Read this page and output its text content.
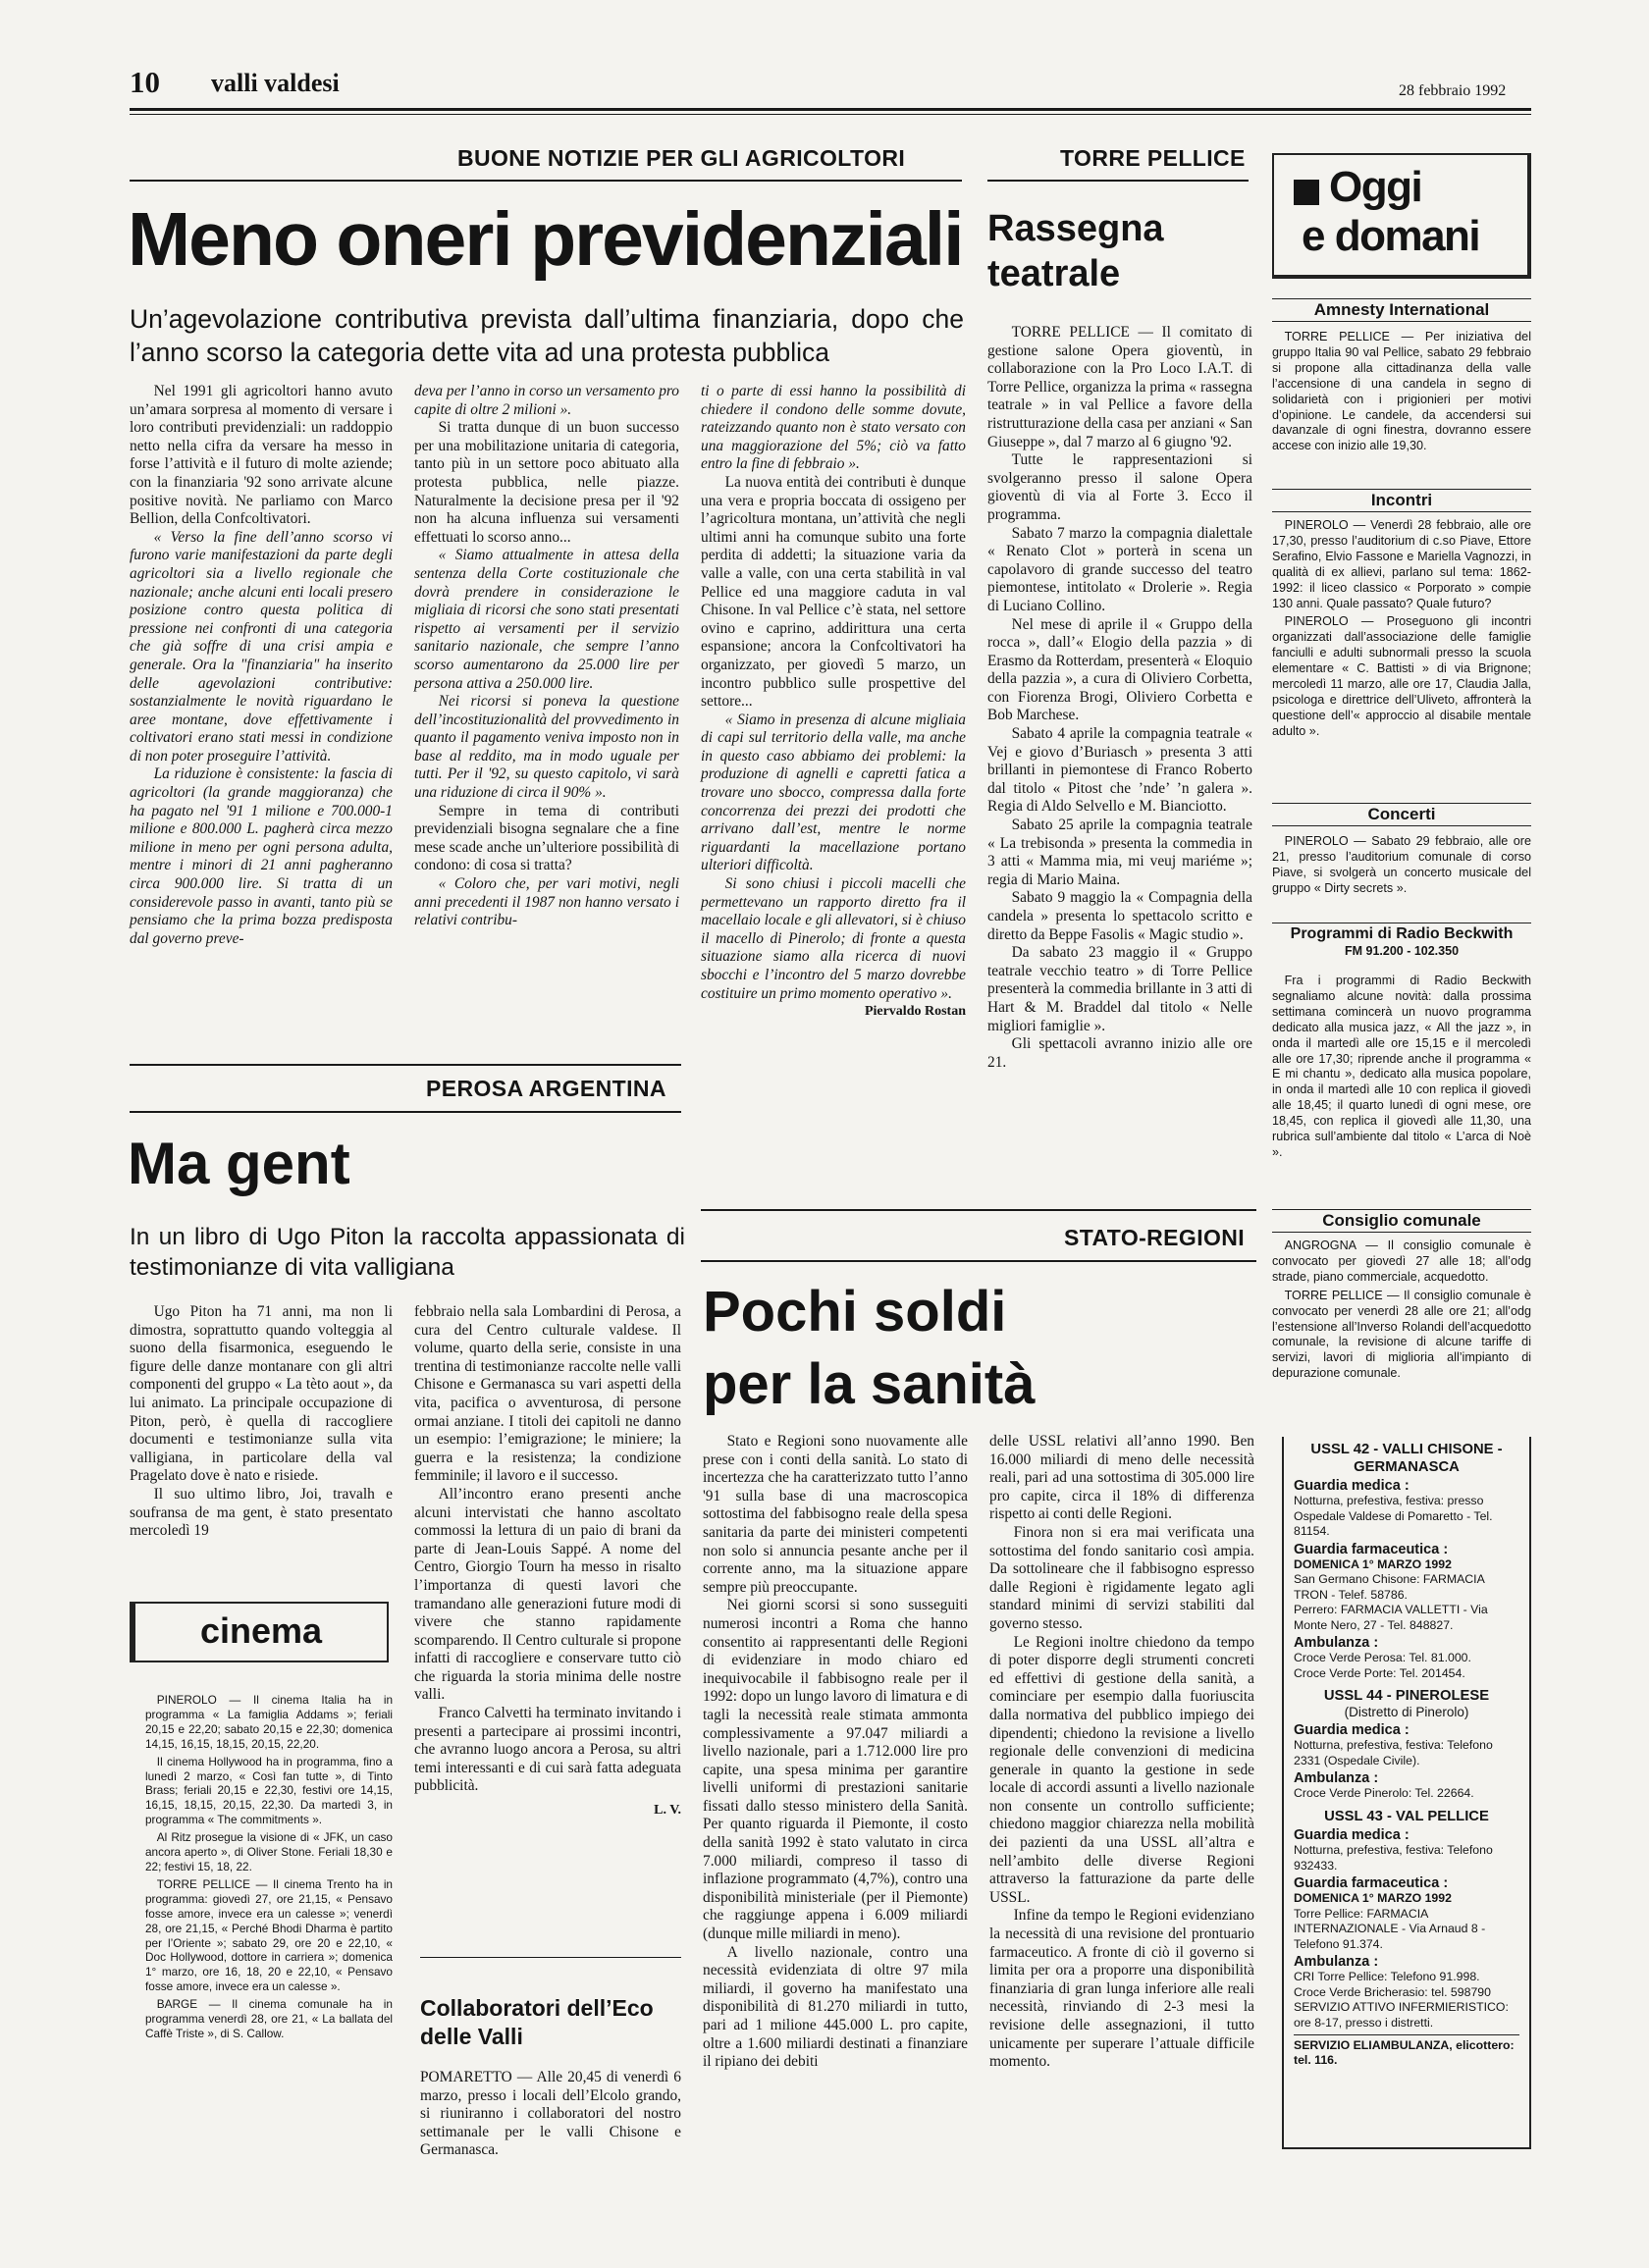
10 valli valdesi	28 febbraio 1992
BUONE NOTIZIE PER GLI AGRICOLTORI
Meno oneri previdenziali
Un’agevolazione contributiva prevista dall’ultima finanziaria, dopo che l’anno scorso la categoria dette vita ad una protesta pubblica

Nel 1991 gli agricoltori hanno avuto un’amara sorpresa al momento di versare i loro contributi previdenziali: un raddoppio netto nella cifra da versare ha messo in forse l’attività e il futuro di molte aziende; con la finanziaria '92 sono arrivate alcune positive novità. Ne parliamo con Marco Bellion, della Confcoltivatori.

« Verso la fine dell’anno scorso vi furono varie manifestazioni da parte degli agricoltori sia a livello regionale che nazionale; anche alcuni enti locali presero posizione contro questa politica di pressione nei confronti di una categoria che già soffre di una crisi ampia e generale. Ora la "finanziaria" ha inserito delle agevolazioni contributive: sostanzialmente le novità riguardano le aree montane, dove effettivamente i coltivatori erano stati messi in condizione di non poter proseguire l’attività.

La riduzione è consistente: la fascia di agricoltori (la grande maggioranza) che ha pagato nel '91 1 milione e 700.000-1 milione e 800.000 L. pagherà circa mezzo milione in meno per ogni persona adulta, mentre i minori di 21 anni pagheranno circa 900.000 lire. Si tratta di un considerevole passo in avanti, tanto più se pensiamo che la prima bozza predisposta dal governo preve-

deva per l’anno in corso un versamento pro capite di oltre 2 milioni ».

Si tratta dunque di un buon successo per una mobilitazione unitaria di categoria, tanto più in un settore poco abituato alla protesta pubblica, nelle piazze. Naturalmente la decisione presa per il '92 non ha alcuna influenza sui versamenti effettuati lo scorso anno...

« Siamo attualmente in attesa della sentenza della Corte costituzionale che dovrà prendere in considerazione le migliaia di ricorsi che sono stati presentati rispetto ai versamenti per il servizio sanitario nazionale, che sempre l’anno scorso aumentarono da 25.000 lire per persona attiva a 250.000 lire.

Nei ricorsi si poneva la questione dell’incostituzionalità del provvedimento in quanto il pagamento veniva imposto non in base al reddito, ma in modo uguale per tutti. Per il '92, su questo capitolo, vi sarà una riduzione di circa il 90% ».

Sempre in tema di contributi previdenziali bisogna segnalare che a fine mese scade anche un’ulteriore possibilità di condono: di cosa si tratta?

« Coloro che, per vari motivi, negli anni precedenti il 1987 non hanno versato i relativi contribu-

ti o parte di essi hanno la possibilità di chiedere il condono delle somme dovute, rateizzando quanto non è stato versato con una maggiorazione del 5%; ciò va fatto entro la fine di febbraio ».

La nuova entità dei contributi è dunque una vera e propria boccata di ossigeno per l’agricoltura montana, un’attività che negli ultimi anni ha comunque subito una forte perdita di addetti; la situazione varia da valle a valle, con una certa stabilità in val Pellice ed una maggiore caduta in val Chisone. In val Pellice c’è stata, nel settore ovino e caprino, addirittura una certa espansione; ancora la Confcoltivatori ha organizzato, per giovedì 5 marzo, un incontro pubblico sulle prospettive del settore...

« Siamo in presenza di alcune migliaia di capi sul territorio della valle, ma anche in questo caso abbiamo dei problemi: la produzione di agnelli e capretti fatica a trovare uno sbocco, compressa dalla forte concorrenza dei prezzi dei prodotti che arrivano dall’est, mentre le norme riguardanti la macellazione portano ulteriori difficoltà.

Si sono chiusi i piccoli macelli che permettevano un rapporto diretto fra il macellaio locale e gli allevatori, si è chiuso il macello di Pinerolo; di fronte a questa situazione siamo alla ricerca di nuovi sbocchi e l’incontro del 5 marzo dovrebbe costituire un primo momento operativo ».

Piervaldo Rostan

TORRE PELLICE
Rassegna
teatrale

TORRE PELLICE — Il comitato di gestione salone Opera gioventù, in collaborazione con la Pro Loco I.A.T. di Torre Pellice, organizza la prima « rassegna teatrale » in val Pellice a favore della ristrutturazione della casa per anziani « San Giuseppe », dal 7 marzo al 6 giugno '92.

Tutte le rappresentazioni si svolgeranno presso il salone Opera gioventù di via al Forte 3. Ecco il programma.

Sabato 7 marzo la compagnia dialettale « Renato Clot » porterà in scena un capolavoro di grande successo del teatro piemontese, intitolato « Drolerie ». Regia di Luciano Collino.

Nel mese di aprile il « Gruppo della rocca », dall’« Elogio della pazzia » di Erasmo da Rotterdam, presenterà « Eloquio della pazzia », a cura di Olivierо Corbetta, con Fiorenza Brogi, Oliviero Corbetta e Bob Marchese.

Sabato 4 aprile la compagnia teatrale « Vej e giovo d’Buriasch » presenta 3 atti brillanti in piemontese di Franco Roberto dal titolo « Pitost che ’nde’ ’n galera ». Regia di Aldo Selvello e M. Bianciotto.

Sabato 25 aprile la compagnia teatrale « La trebisonda » presenta la commedia in 3 atti « Mamma mia, mi veuj mariéme »; regia di Mario Maina.

Sabato 9 maggio la « Compagnia della candela » presenta lo spettacolo scritto e diretto da Beppe Fasolis « Magic studio ».

Da sabato 23 maggio il « Gruppo teatrale vecchio teatro » di Torre Pellice presenterà la commedia brillante in 3 atti di Hart & M. Braddel dal titolo « Nelle migliori famiglie ».

Gli spettacoli avranno inizio alle ore 21.

PEROSA ARGENTINA
Ma gent
In un libro di Ugo Piton la raccolta appassionata di testimonianze di vita valligiana

Ugo Piton ha 71 anni, ma non li dimostra, soprattutto quando volteggia al suono della fisarmonica, eseguendo le figure delle danze montanare con gli altri componenti del gruppo « La tèto aout », da lui animato. La principale occupazione di Piton, però, è quella di raccogliere documenti e testimonianze sulla vita valligiana, in particolare della val Pragelato dove è nato e risiede.

Il suo ultimo libro, Joi, travalh e soufransa de ma gent, è stato presentato mercoledì 19

febbraio nella sala Lombardini di Perosa, a cura del Centro culturale valdese. Il volume, quarto della serie, consiste in una trentina di testimonianze raccolte nelle valli Chisone e Germanasca su vari aspetti della vita, pacifica o avventurosa, di persone ormai anziane. I titoli dei capitoli ne danno un esempio: l’emigrazione; le miniere; la guerra e la resistenza; la condizione femminile; il lavoro e il successo.

All’incontro erano presenti anche alcuni intervistati che hanno ascoltato commossi la lettura di un paio di brani da parte di Jean-Louis Sappé. A nome del Centro, Giorgio Tourn ha messo in risalto l’importanza di questi lavori che tramandano alle generazioni future modi di vivere che stanno rapidamente scomparendo. Il Centro culturale si propone infatti di raccogliere e conservare tutto ciò che riguarda la storia minima delle nostre valli.

Franco Calvetti ha terminato invitando i presenti a partecipare ai prossimi incontri, che avranno luogo ancora a Perosa, su altri temi interessanti e di cui sarà fatta adeguata pubblicità.

L. V.

cinema

PINEROLO — Il cinema Italia ha in programma « La famiglia Addams »; feriali 20,15 e 22,20; sabato 20,15 e 22,30; domenica 14,15, 16,15, 18,15, 20,15, 22,20.

Il cinema Hollywood ha in programma, fino a lunedì 2 marzo, « Così fan tutte », di Tinto Brass; feriali 20,15 e 22,30, festivi ore 14,15, 16,15, 18,15, 20,15, 22,30. Da martedì 3, in programma « The commitments ».

Al Ritz prosegue la visione di « JFK, un caso ancora aperto », di Oliver Stone. Feriali 18,30 e 22; festivi 15, 18, 22.

TORRE PELLICE — Il cinema Trento ha in programma: giovedì 27, ore 21,15, « Pensavo fosse amore, invece era un calesse »; venerdì 28, ore 21,15, « Perché Bhodi Dharma è partito per l’Oriente »; sabato 29, ore 20 e 22,10, « Doc Hollywood, dottore in carriera »; domenica 1° marzo, ore 16, 18, 20 e 22,10, « Pensavo fosse amore, invece era un calesse ».

BARGE — Il cinema comunale ha in programma venerdì 28, ore 21, « La ballata del Caffè Triste », di S. Callow.

Collaboratori dell’Eco delle Valli

POMARETTO — Alle 20,45 di venerdì 6 marzo, presso i locali dell’Elcolo grando, si riuniranno i collaboratori del nostro settimanale per le valli Chisone e Germanasca.

STATO-REGIONI
Pochi soldi
per la sanità

Stato e Regioni sono nuovamente alle prese con i conti della sanità. Lo stato di incertezza che ha caratterizzato tutto l’anno '91 sulla base di una macroscopica sottostima del fabbisogno reale della spesa sanitaria da parte dei ministeri competenti non solo si annuncia pesante anche per il corrente anno, ma la situazione appare sempre più preoccupante.

Nei giorni scorsi si sono susseguiti numerosi incontri a Roma che hanno consentito ai rappresentanti delle Regioni di evidenziare in modo chiaro ed inequivocabile il fabbisogno reale per il 1992: dopo un lungo lavoro di limatura e di tagli la necessità reale stimata ammonta complessivamente a 97.047 miliardi a livello nazionale, pari a 1.712.000 lire pro capite, una spesa minima per garantire livelli uniformi di prestazioni sanitarie fissati dallo stesso ministero della Sanità. Per quanto riguarda il Piemonte, il costo della sanità 1992 è stato valutato in circa 7.000 miliardi, compreso il tasso di inflazione programmato (4,7%), contro una disponibilità ministeriale (per il Piemonte) che raggiunge appena i 6.009 miliardi (dunque mille miliardi in meno).

A livello nazionale, contro una necessità evidenziata di oltre 97 mila miliardi, il governo ha manifestato una disponibilità di 81.270 miliardi in tutto, pari ad 1 milione 445.000 L. pro capite, oltre a 1.600 miliardi destinati a finanziare il ripiano dei debiti

delle USSL relativi all’anno 1990. Ben 16.000 miliardi di meno delle necessità reali, pari ad una sottostima di 305.000 lire pro capite, circa il 18% di differenza rispetto ai conti delle Regioni.

Finora non si era mai verificata una sottostima del fondo sanitario così ampia. Da sottolineare che il fabbisogno espresso dalle Regioni è rigidamente legato agli standard minimi di servizi stabiliti dal governo stesso.

Le Regioni inoltre chiedono da tempo di poter disporre degli strumenti concreti ed effettivi di gestione della sanità, a cominciare per esempio dalla fuoriuscita dalla normativa del pubblico impiego dei dipendenti; chiedono la revisione a livello regionale delle convenzioni di medicina generale in quanto la gestione in sede locale di accordi assunti a livello nazionale non consente un controllo sufficiente; chiedono maggior chiarezza nella mobilità dei pazienti da una USSL all’altra e nell’ambito delle diverse Regioni attraverso la fatturazione da parte delle USSL.

Infine da tempo le Regioni evidenziano la necessità di una revisione del prontuario farmaceutico. A fronte di ciò il governo si limita per ora a proporre una disponibilità finanziaria di gran lunga inferiore alle reali necessità, rinviando di 2-3 mesi la revisione delle assegnazioni, il tutto unicamente per superare l’attuale difficile momento.

Oggi
e domani
Amnesty International

TORRE PELLICE — Per iniziativa del gruppo Italia 90 val Pellice, sabato 29 febbraio si propone alla cittadinanza della valle l’accensione di una candela in segno di solidarietà con i prigionieri per motivi d’opinione. Le candele, da accendersi sui davanzale di ogni finestra, dovranno essere accese con inizio alle 19,30.

Incontri

PINEROLO — Venerdì 28 febbraio, alle ore 17,30, presso l’auditorium di c.so Piave, Ettore Serafino, Elvio Fassone e Mariella Vagnozzi, in qualità di ex allievi, parlano sul tema: 1862-1992: il liceo classico « Porporato » compie 130 anni. Quale passato? Quale futuro?

PINEROLO — Proseguono gli incontri organizzati dall’associazione delle famiglie fanciulli e adulti subnormali presso la scuola elementare « C. Battisti » di via Brignone; mercoledì 11 marzo, alle ore 17, Claudia Jalla, psicologa e direttrice dell’Uliveto, affronterà la questione dell’« approccio al disabile mentale adulto ».

Concerti

PINEROLO — Sabato 29 febbraio, alle ore 21, presso l’auditorium comunale di corso Piave, si svolgerà un concerto musicale del gruppo « Dirty secrets ».

Programmi di Radio Beckwith
FM 91.200 - 102.350

Fra i programmi di Radio Beckwith segnaliamo alcune novità: dalla prossima settimana comincerà un nuovo programma dedicato alla musica jazz, « All the jazz », in onda il martedì alle ore 15,15 e il mercoledì alle ore 17,30; riprende anche il programma « E mi chantu », dedicato alla musica popolare, in onda il martedì alle 10 con replica il giovedì alle 18,45; il quarto lunedì di ogni mese, ore 18,45, con replica il giovedì alle 11,30, una rubrica sull’ambiente dal titolo « L’arca di Noè ».

Consiglio comunale

ANGROGNA — Il consiglio comunale è convocato per giovedì 27 alle 18; all’odg strade, piano commerciale, acquedotto.

TORRE PELLICE — Il consiglio comunale è convocato per venerdì 28 alle ore 21; all’odg l’estensione all’Inverso Rolandi dell’acquedotto comunale, la revisione di alcune tariffe di servizi, lavori di miglioria all’impianto di depurazione comunale.

USSL 42 - VALLI CHISONE - GERMANASCA
Guardia medica :
Notturna, prefestiva, festiva: presso Ospedale Valdese di Pomaretto - Tel. 81154.
Guardia farmaceutica :
DOMENICA 1° MARZO 1992
San Germano Chisone: FARMACIA TRON - Telef. 58786.
Perrero: FARMACIA VALLETTI - Via Monte Nero, 27 - Tel. 848827.
Ambulanza :
Croce Verde Perosa: Tel. 81.000.
Croce Verde Porte: Tel. 201454.
USSL 44 - PINEROLESE
(Distretto di Pinerolo)
Guardia medica :
Notturna, prefestiva, festiva: Telefono 2331 (Ospedale Civile).
Ambulanza :
Croce Verde Pinerolo: Tel. 22664.
USSL 43 - VAL PELLICE
Guardia medica :
Notturna, prefestiva, festiva: Telefono 932433.
Guardia farmaceutica :
DOMENICA 1° MARZO 1992
Torre Pellice: FARMACIA INTERNAZIONALE - Via Arnaud 8 - Telefono 91.374.
Ambulanza :
CRI Torre Pellice: Telefono 91.998.
Croce Verde Bricherasio: tel. 598790
SERVIZIO ATTIVO INFERMIERISTICO: ore 8-17, presso i distretti.
SERVIZIO ELIAMBULANZA, elicottero: tel. 116.
